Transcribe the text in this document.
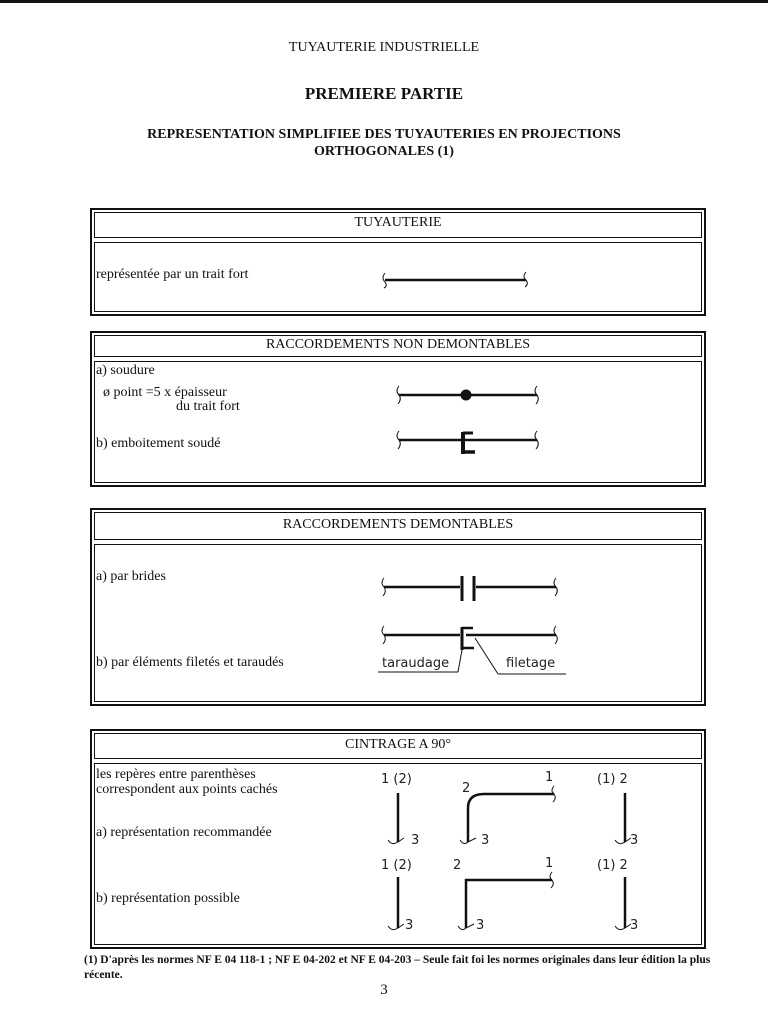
TUYAUTERIE INDUSTRIELLE
PREMIERE PARTIE
REPRESENTATION SIMPLIFIEE DES TUYAUTERIES EN PROJECTIONS
ORTHOGONALES (1)
TUYAUTERIE
représentée par un trait fort
RACCORDEMENTS NON DEMONTABLES
a) soudure
ø point =5 x épaisseur
du trait fort
b) emboitement soudé
RACCORDEMENTS DEMONTABLES
a) par brides
b) par éléments filetés et taraudés	taraudage	filetage
CINTRAGE A 90°
les repères entre parenthèses
correspondent aux points cachés
a) représentation recommandée
b) représentation possible
1 (2)
2
1	(1) 2
3	3	3
1 (2)	2	1	(1) 2
3	3	3
(1) D'après les normes NF E 04 118-1 ; NF E 04-202 et NF E 04-203 – Seule fait foi les normes originales dans leur édition la plus récente.
3
